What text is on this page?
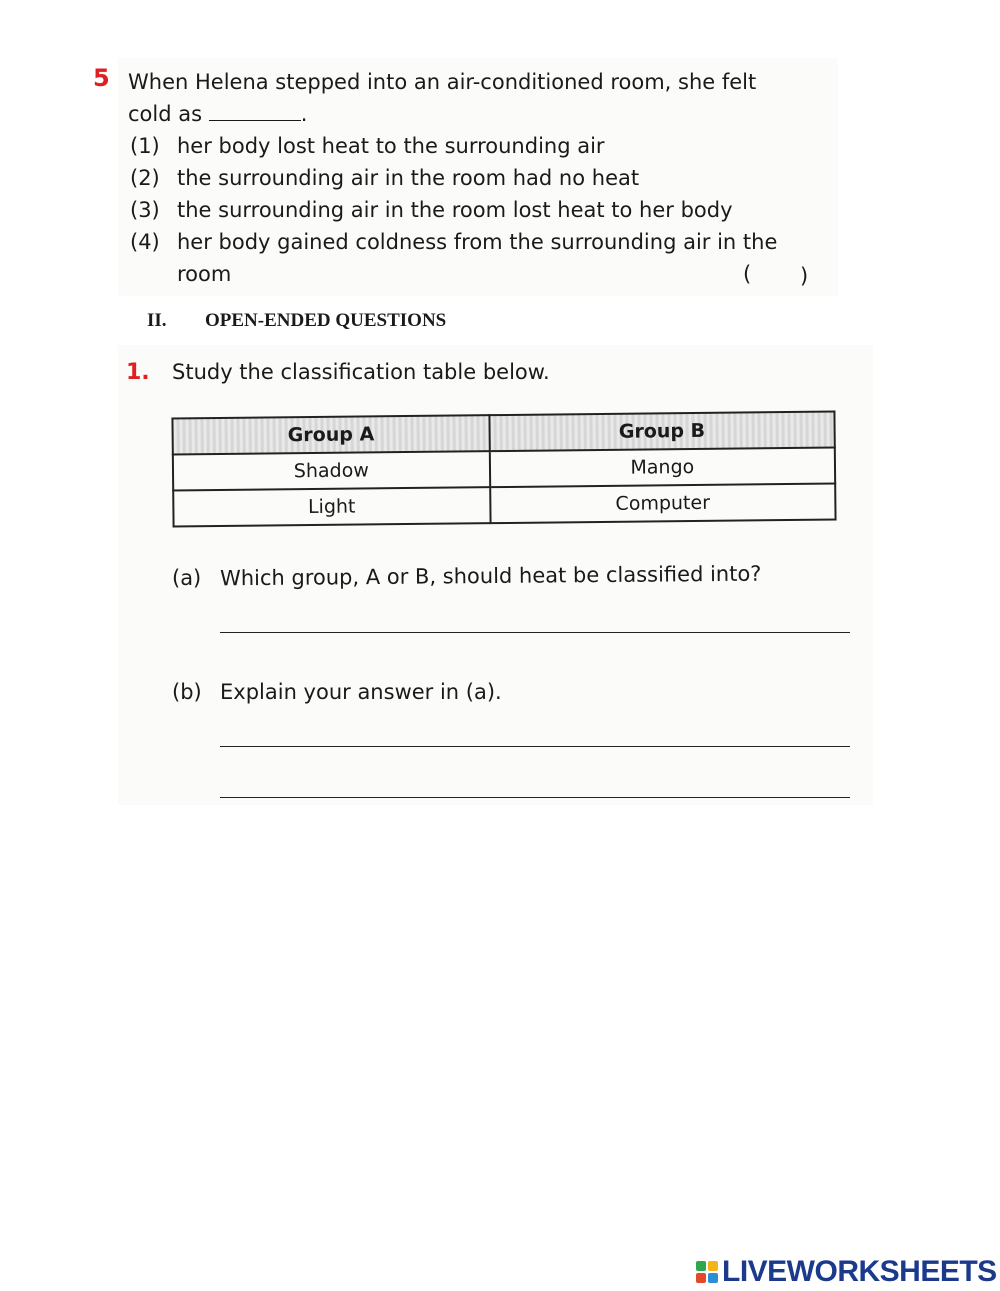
5 When Helena stepped into an air-conditioned room, she felt
cold as	.
(1) her body lost heat to the surrounding air
(2) the surrounding air in the room had no heat
(3) the surrounding air in the room lost heat to her body
(4) her body gained coldness from the surrounding air in the
room	( )
II. OPEN-ENDED QUESTIONS
1. Study the classification table below.
Group A	Group B
Shadow	Mango
Light	Computer
(a) Which group, A or B, should heat be classified into?
(b) Explain your answer in (a).
LIVEWORKSHEETS
